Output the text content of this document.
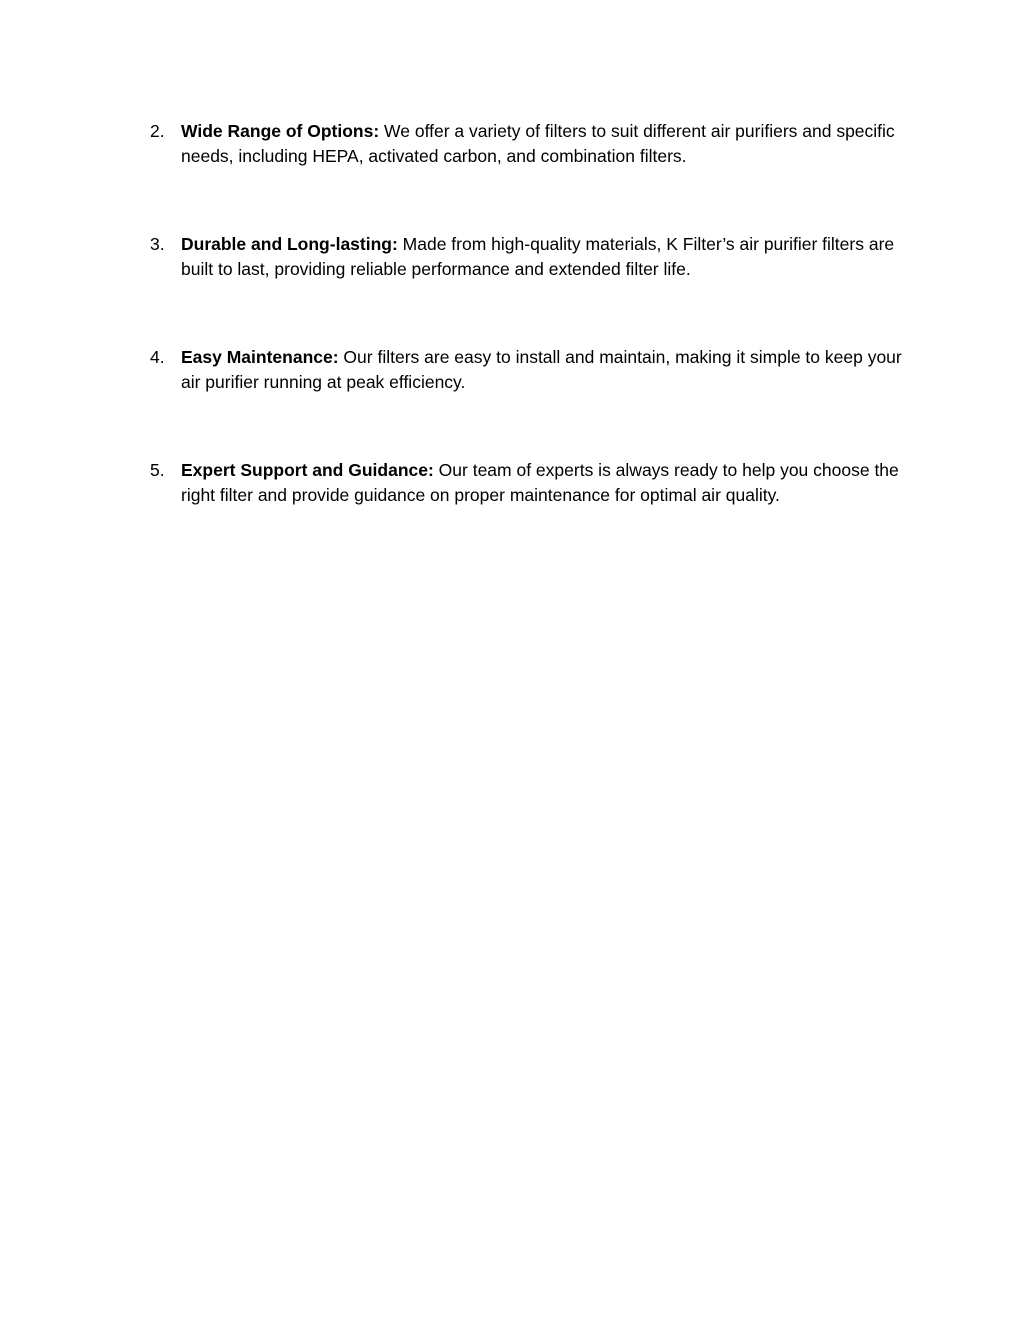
2. Wide Range of Options: We offer a variety of filters to suit different air purifiers and specific needs, including HEPA, activated carbon, and combination filters.
3. Durable and Long-lasting: Made from high-quality materials, K Filter’s air purifier filters are built to last, providing reliable performance and extended filter life.
4. Easy Maintenance: Our filters are easy to install and maintain, making it simple to keep your air purifier running at peak efficiency.
5. Expert Support and Guidance: Our team of experts is always ready to help you choose the right filter and provide guidance on proper maintenance for optimal air quality.
